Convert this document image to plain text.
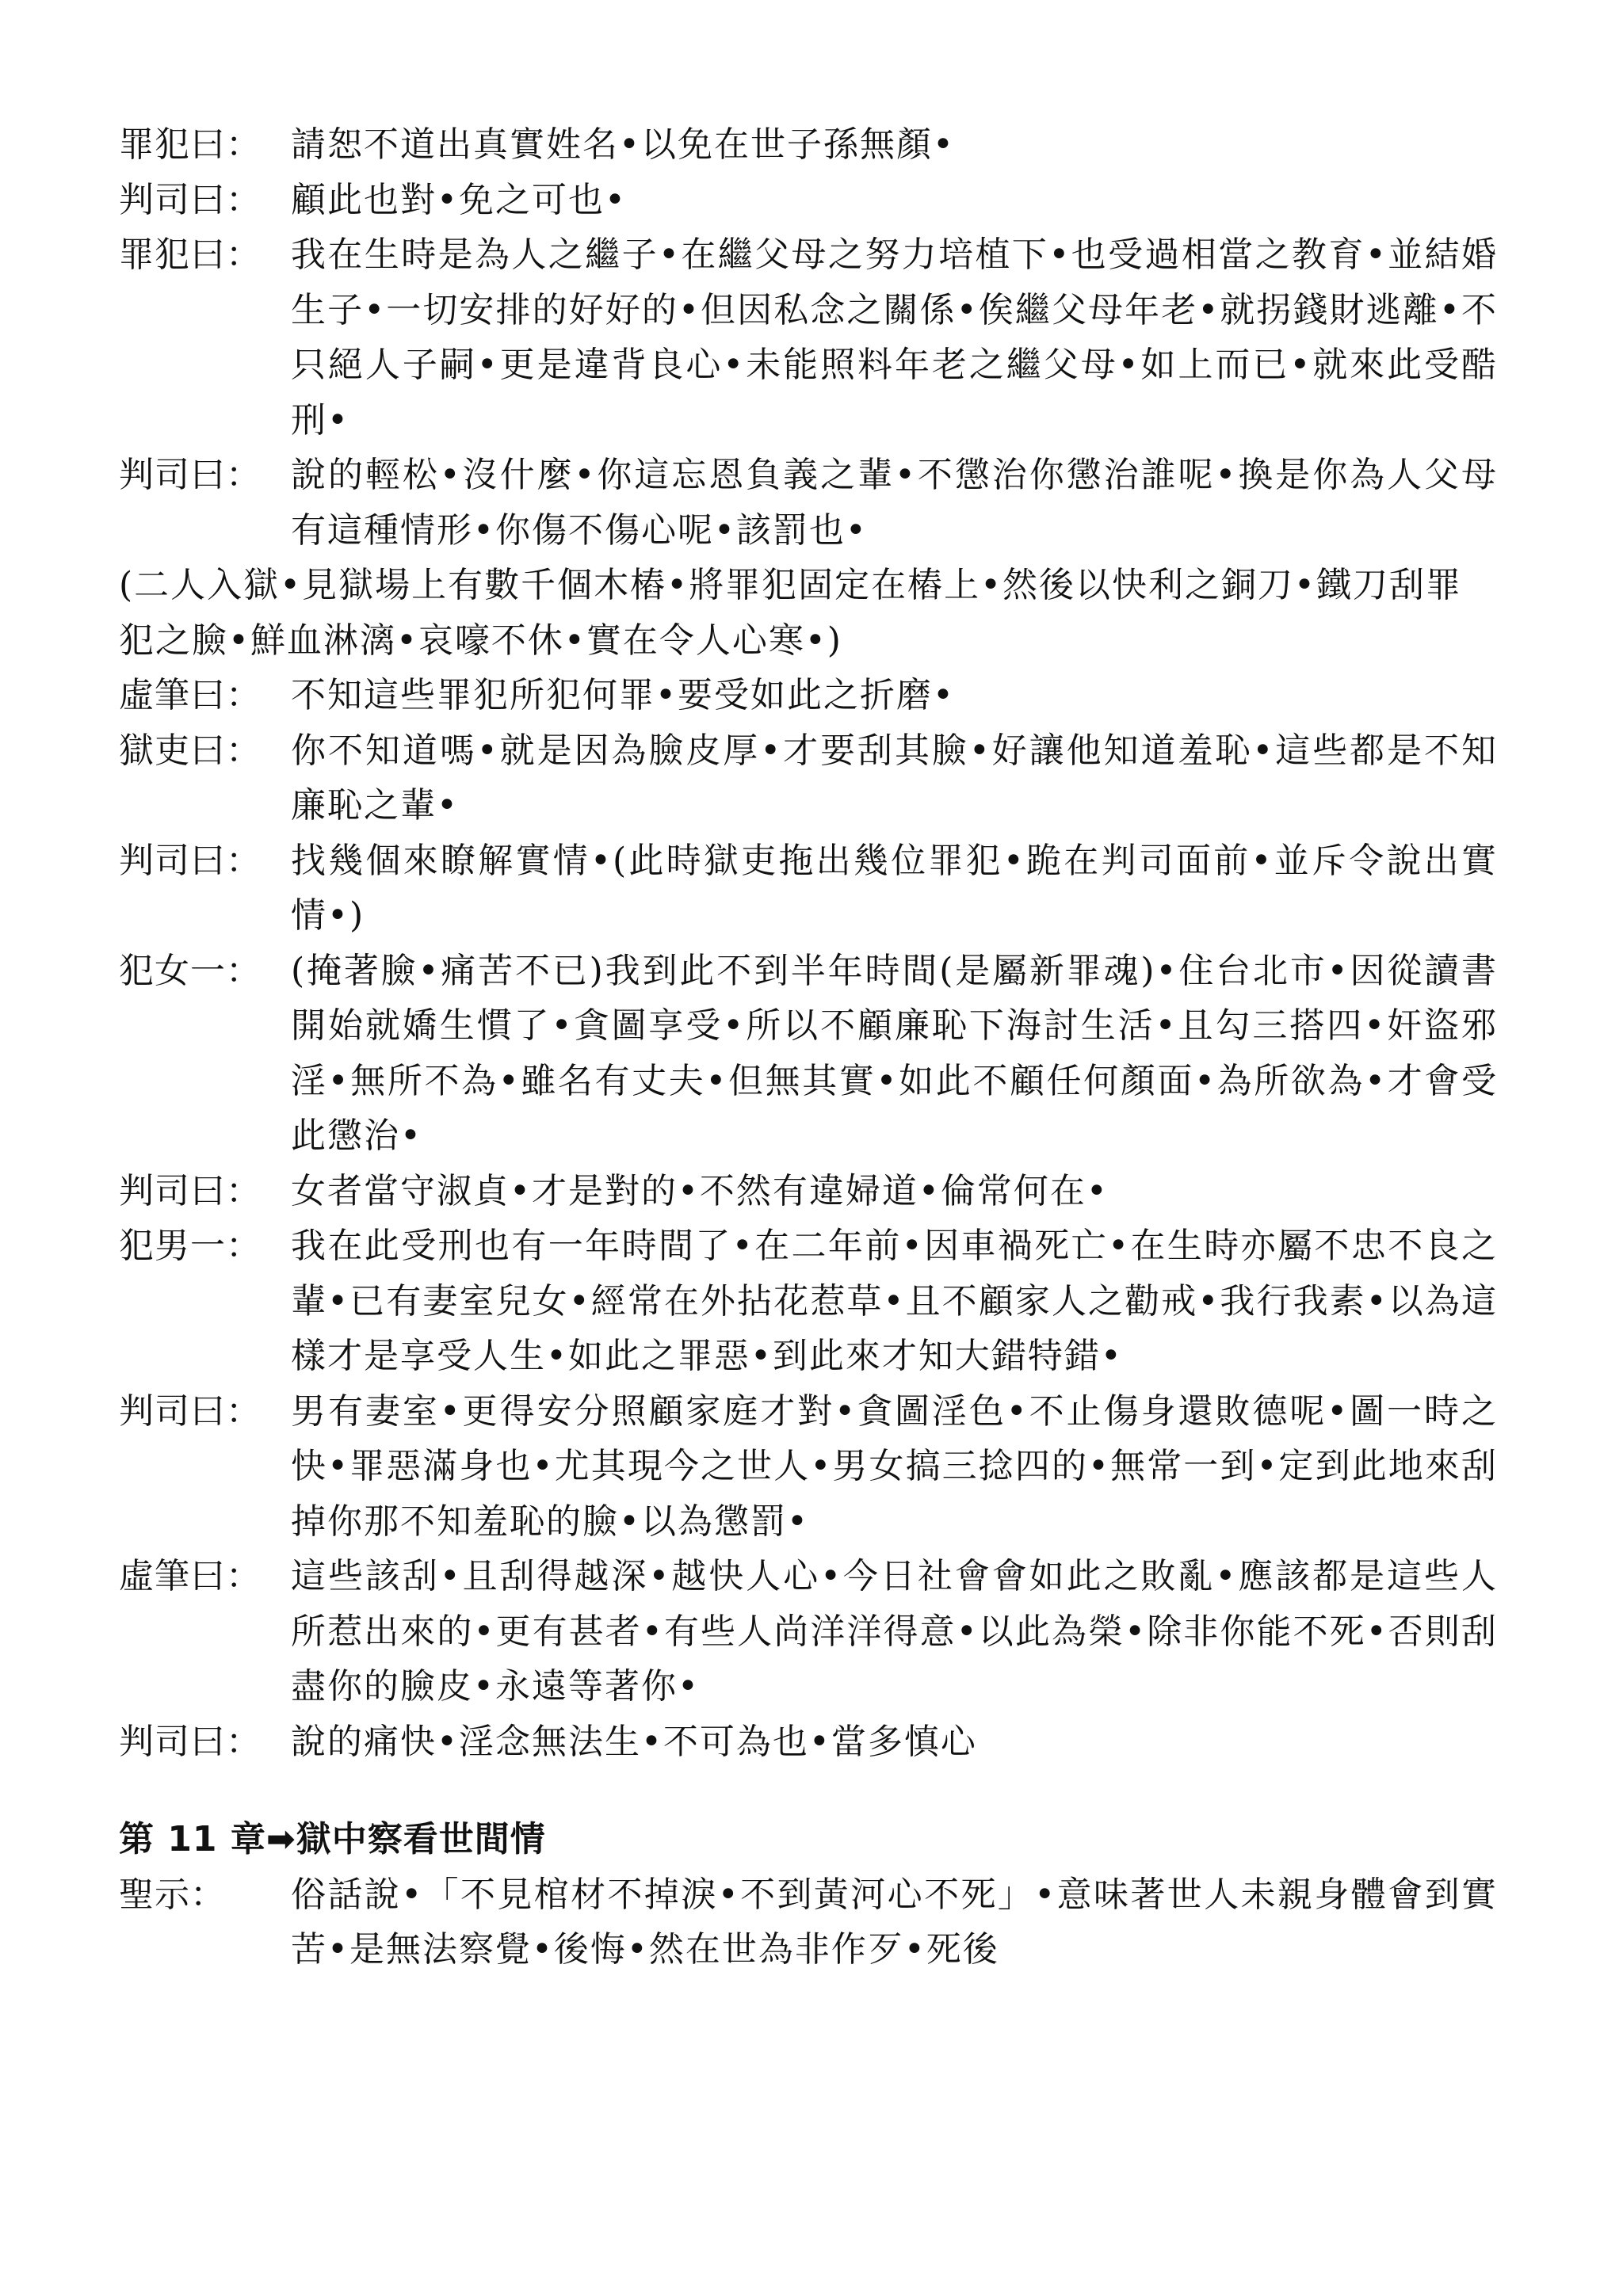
罪犯曰： 請恕不道出真實姓名•以免在世子孫無顏•
判司曰： 顧此也對•免之可也•
罪犯曰： 我在生時是為人之繼子•在繼父母之努力培植下•也受過相當之教育•並結婚生子•一切安排的好好的•但因私念之關係•俟繼父母年老•就拐錢財逃離•不只絕人子嗣•更是違背良心•未能照料年老之繼父母•如上而已•就來此受酷刑•
判司曰： 說的輕松•沒什麼•你這忘恩負義之輩•不懲治你懲治誰呢•換是你為人父母有這種情形•你傷不傷心呢•該罰也•
(二人入獄•見獄場上有數千個木樁•將罪犯固定在樁上•然後以快利之銅刀•鐵刀刮罪犯之臉•鮮血淋漓•哀嚎不休•實在令人心寒•)
虛筆曰： 不知這些罪犯所犯何罪•要受如此之折磨•
獄吏曰： 你不知道嗎•就是因為臉皮厚•才要刮其臉•好讓他知道羞恥•這些都是不知廉恥之輩•
判司曰： 找幾個來瞭解實情•(此時獄吏拖出幾位罪犯•跪在判司面前•並斥令說出實情•)
犯女一： (掩著臉•痛苦不已)我到此不到半年時間(是屬新罪魂)•住台北市•因從讀書開始就嬌生慣了•貪圖享受•所以不顧廉恥下海討生活•且勾三搭四•奸盜邪淫•無所不為•雖名有丈夫•但無其實•如此不顧任何顏面•為所欲為•才會受此懲治•
判司曰： 女者當守淑貞•才是對的•不然有違婦道•倫常何在•
犯男一： 我在此受刑也有一年時間了•在二年前•因車禍死亡•在生時亦屬不忠不良之輩•已有妻室兒女•經常在外拈花惹草•且不顧家人之勸戒•我行我素•以為這樣才是享受人生•如此之罪惡•到此來才知大錯特錯•
判司曰： 男有妻室•更得安分照顧家庭才對•貪圖淫色•不止傷身還敗德呢•圖一時之快•罪惡滿身也•尤其現今之世人•男女搞三捻四的•無常一到•定到此地來刮掉你那不知羞恥的臉•以為懲罰•
虛筆曰： 這些該刮•且刮得越深•越快人心•今日社會會如此之敗亂•應該都是這些人所惹出來的•更有甚者•有些人尚洋洋得意•以此為榮•除非你能不死•否則刮盡你的臉皮•永遠等著你•
判司曰： 說的痛快•淫念無法生•不可為也•當多慎心
第 11 章➡獄中察看世間情
聖示：	俗話說•「不見棺材不掉淚•不到黃河心不死」•意味著世人未親身體會到實苦•是無法察覺•後悔•然在世為非作歹•死後
